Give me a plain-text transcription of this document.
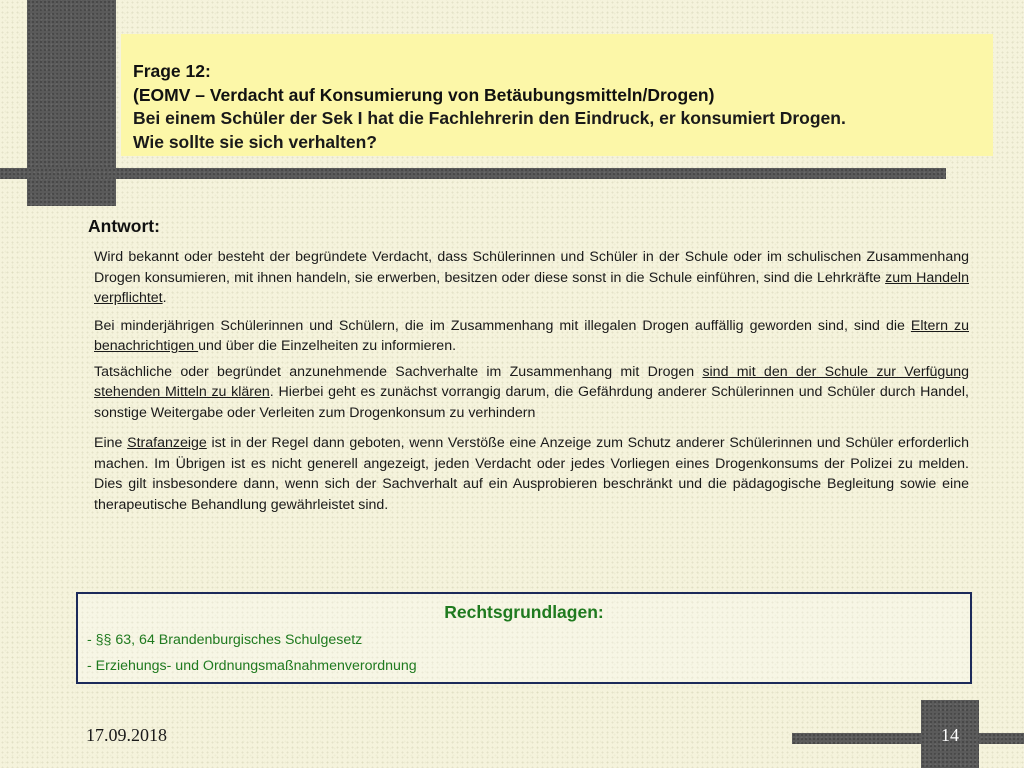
Frage 12:
(EOMV – Verdacht auf Konsumierung von Betäubungsmitteln/Drogen)
Bei einem Schüler der Sek I hat die Fachlehrerin den Eindruck, er konsumiert Drogen.
Wie sollte sie sich verhalten?
Antwort:

Wird bekannt oder besteht der begründete Verdacht, dass Schülerinnen und Schüler in der Schule oder im schulischen Zusammenhang Drogen konsumieren, mit ihnen handeln, sie erwerben, besitzen oder diese sonst in die Schule einführen, sind die Lehrkräfte zum Handeln verpflichtet.

Bei minderjährigen Schülerinnen und Schülern, die im Zusammenhang mit illegalen Drogen auffällig geworden sind, sind die Eltern zu benachrichtigen und über die Einzelheiten zu informieren.

Tatsächliche oder begründet anzunehmende Sachverhalte im Zusammenhang mit Drogen sind mit den der Schule zur Verfügung stehenden Mitteln zu klären. Hierbei geht es zunächst vorrangig darum, die Gefährdung anderer Schülerinnen und Schüler durch Handel, sonstige Weitergabe oder Verleiten zum Drogenkonsum zu verhindern

Eine Strafanzeige ist in der Regel dann geboten, wenn Verstöße eine Anzeige zum Schutz anderer Schülerinnen und Schüler erforderlich machen. Im Übrigen ist es nicht generell angezeigt, jeden Verdacht oder jedes Vorliegen eines Drogenkonsums der Polizei zu melden. Dies gilt insbesondere dann, wenn sich der Sachverhalt auf ein Ausprobieren beschränkt und die pädagogische Begleitung sowie eine therapeutische Behandlung gewährleistet sind.

Rechtsgrundlagen:
- §§ 63, 64 Brandenburgisches Schulgesetz
- Erziehungs- und Ordnungsmaßnahmenverordnung
17.09.2018	14
